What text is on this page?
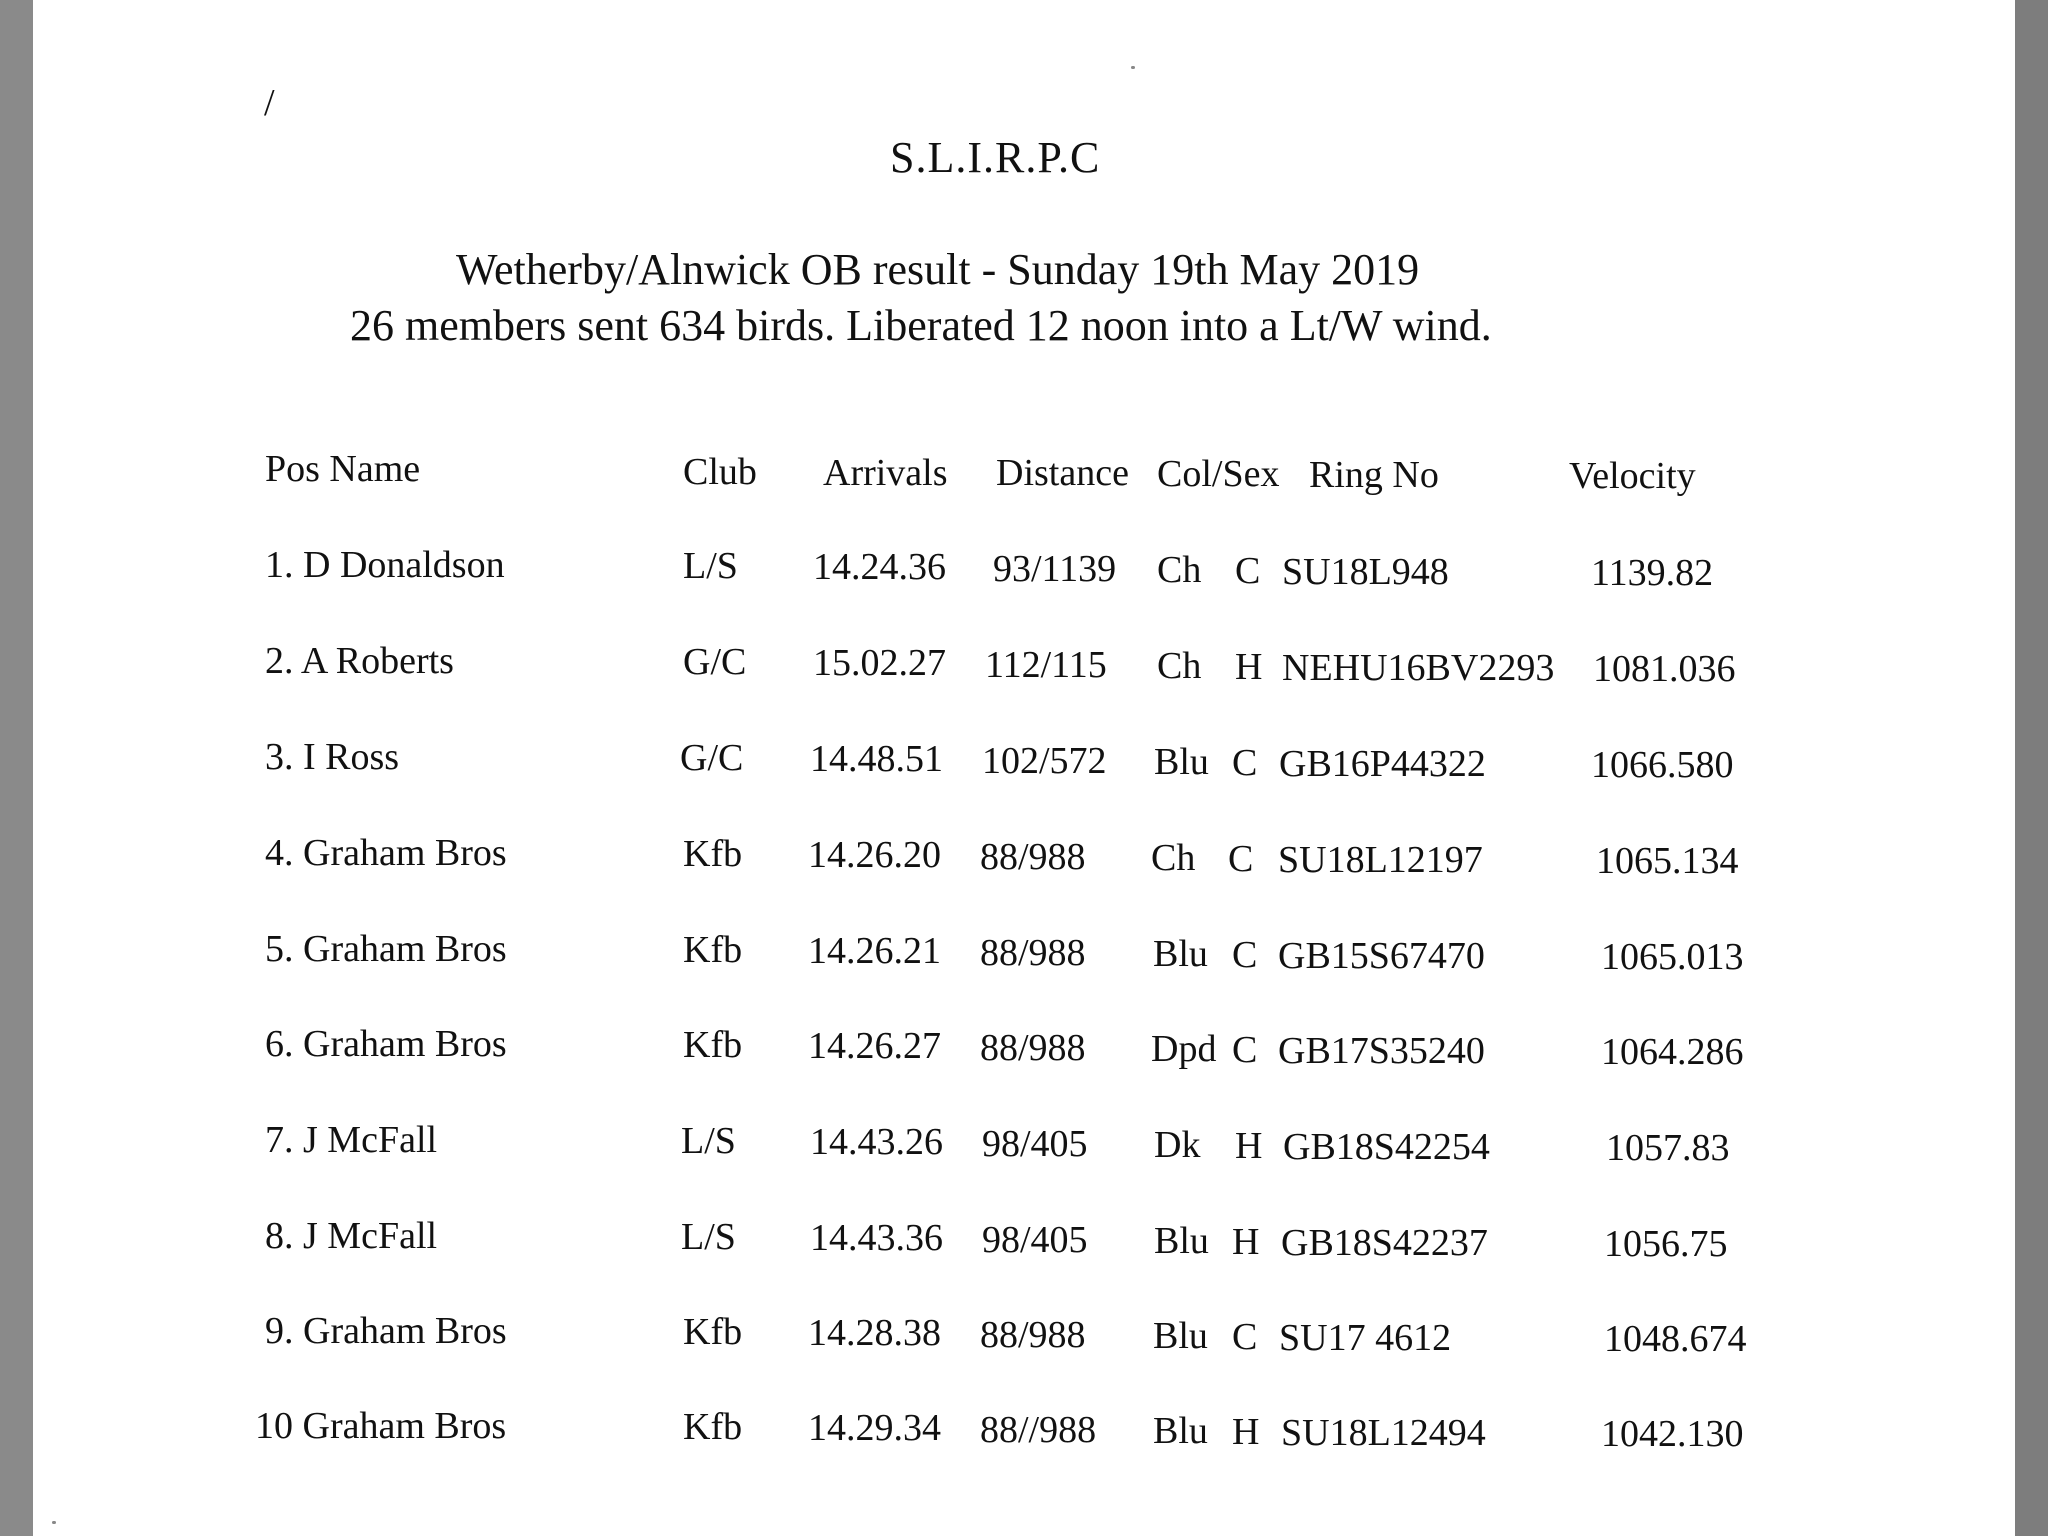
/
S.L.I.R.P.C
Wetherby/Alnwick OB result - Sunday 19th May 2019
26 members sent 634 birds. Liberated 12 noon into a Lt/W wind.
Pos Name	Club Arrivals Distance Col/Sex Ring No	Velocity
1. D Donaldson	L/S 14.24.36 93/1139 Ch C SU18L948	1139.82
2. A Roberts	G/C 15.02.27 112/115 Ch H NEHU16BV2293 1081.036
3. I Ross	G/C 14.48.51 102/572 Blu C GB16P44322	1066.580
4. Graham Bros	Kfb 14.26.20 88/988 Ch C SU18L12197	1065.134
5. Graham Bros	Kfb 14.26.21 88/988 Blu C GB15S67470	1065.013
6. Graham Bros	Kfb 14.26.27 88/988 Dpd C GB17S35240	1064.286
7. J McFall	L/S 14.43.26 98/405 Dk H GB18S42254	1057.83
8. J McFall	L/S 14.43.36 98/405 Blu H GB18S42237	1056.75
9. Graham Bros	Kfb 14.28.38 88/988 Blu C SU17 4612	1048.674
10 Graham Bros	Kfb 14.29.34 88//988 Blu H SU18L12494	1042.130
